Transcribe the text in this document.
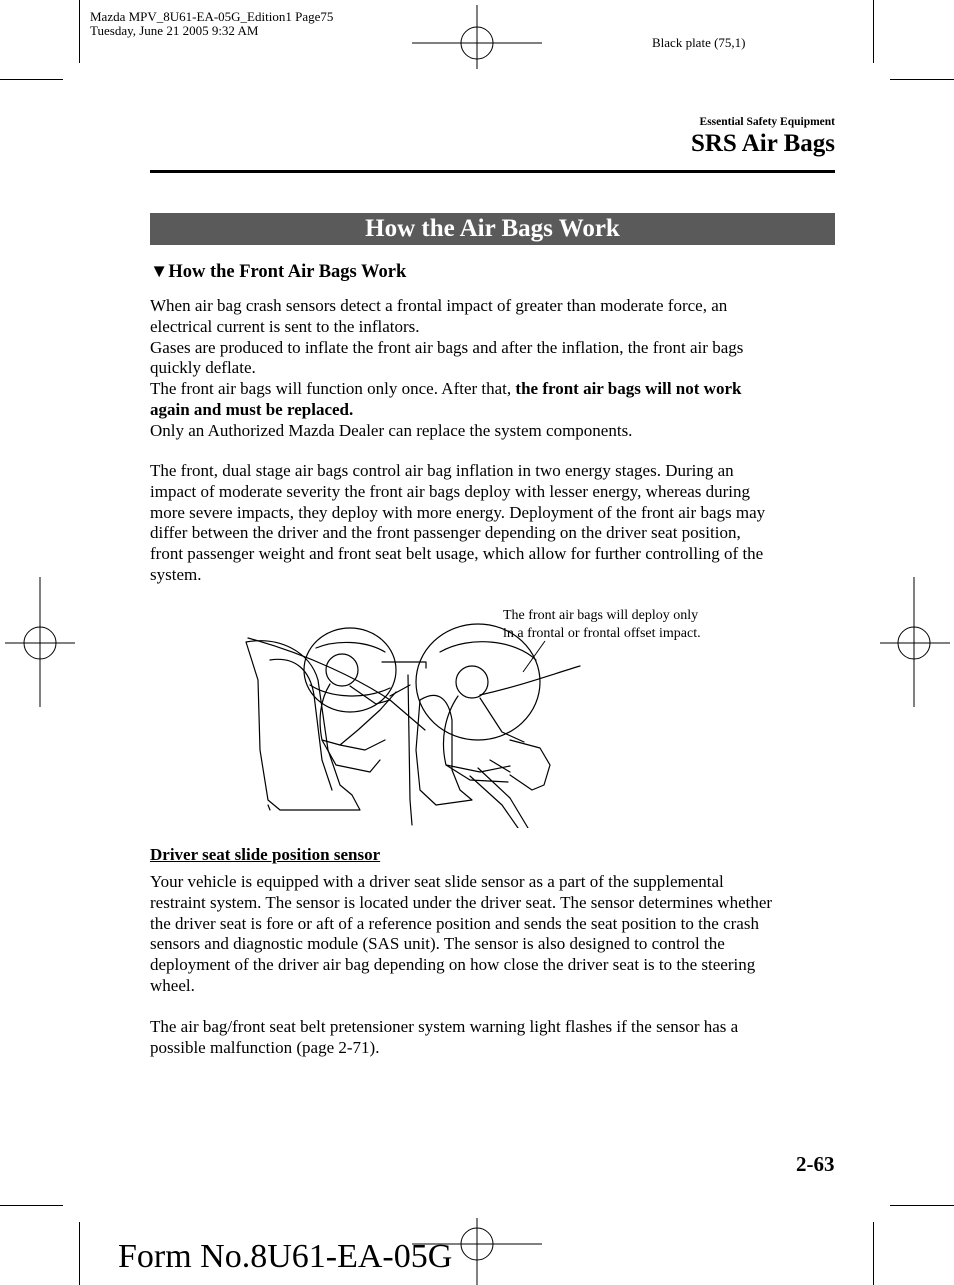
Mazda MPV_8U61-EA-05G_Edition1 Page75
Tuesday, June 21 2005 9:32 AM
Black plate (75,1)
Essential Safety Equipment
SRS Air Bags
How the Air Bags Work
▼How the Front Air Bags Work

When air bag crash sensors detect a frontal impact of greater than moderate force, an

electrical current is sent to the inflators.

Gases are produced to inflate the front air bags and after the inflation, the front air bags

quickly deflate.

The front air bags will function only once. After that, the front air bags will not work

again and must be replaced.

Only an Authorized Mazda Dealer can replace the system components.

The front, dual stage air bags control air bag inflation in two energy stages. During an

impact of moderate severity the front air bags deploy with lesser energy, whereas during

more severe impacts, they deploy with more energy. Deployment of the front air bags may

differ between the driver and the front passenger depending on the driver seat position,

front passenger weight and front seat belt usage, which allow for further controlling of the

system.

The front air bags will deploy only
in a frontal or frontal offset impact.
Driver seat slide position sensor

Your vehicle is equipped with a driver seat slide sensor as a part of the supplemental

restraint system. The sensor is located under the driver seat. The sensor determines whether

the driver seat is fore or aft of a reference position and sends the seat position to the crash

sensors and diagnostic module (SAS unit). The sensor is also designed to control the

deployment of the driver air bag depending on how close the driver seat is to the steering

wheel.

The air bag/front seat belt pretensioner system warning light flashes if the sensor has a

possible malfunction (page 2-71).

2-63
Form No.8U61-EA-05G
